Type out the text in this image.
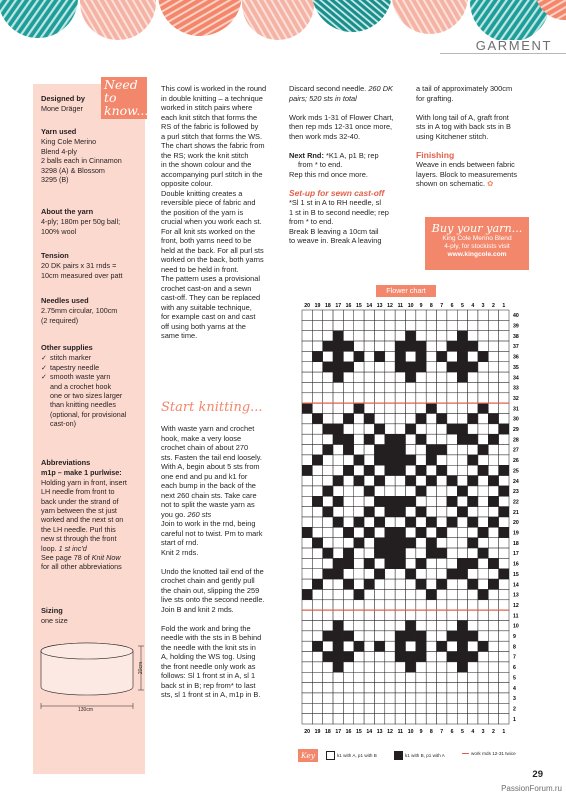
GARMENT
Need to know...
Designed by
Mone Dräger
Yarn used
King Cole Merino
Blend 4-ply
2 balls each in Cinnamon
3298 (A) & Blossom
3295 (B)
About the yarn
4-ply; 180m per 50g ball;
100% wool
Tension
20 DK pairs x 31 rnds =
10cm measured over patt
Needles used
2.75mm circular, 100cm
(2 required)
Other supplies
✓ stitch marker
✓ tapestry needle
✓ smooth waste yarn
and a crochet hook
one or two sizes larger
than knitting needles
(optional, for provisional
cast-on)
Abbreviations
m1p – make 1 purlwise:
Holding yarn in front, insert
LH needle from front to
back under the strand of
yarn between the st just
worked and the next st on
the LH needle. Purl this
new st through the front
loop. 1 st inc'd
See page 78 of Knit Now
for all other abbreviations
Sizing
one size
20cm
130cm

This cowl is worked in the round

in double knitting – a technique

worked in stitch pairs where

each knit stitch that forms the

RS of the fabric is followed by

a purl stitch that forms the WS.

The chart shows the fabric from

the RS; work the knit stitch

in the shown colour and the

accompanying purl stitch in the

opposite colour.

Double knitting creates a

reversible piece of fabric and

the position of the yarn is

crucial when you work each st.

For all knit sts worked on the

front, both yarns need to be

held at the back. For all purl sts

worked on the back, both yarns

need to be held in front.

The pattern uses a provisional

crochet cast-on and a sewn

cast-off. They can be replaced

with any suitable technique,

for example cast on and cast

off using both yarns at the

same time.

Start knitting...

With waste yarn and crochet

hook, make a very loose

crochet chain of about 270

sts. Fasten the tail end loosely.

With A, begin about 5 sts from

one end and pu and k1 for

each bump in the back of the

next 260 chain sts. Take care

not to split the waste yarn as

you go. 260 sts

Join to work in the rnd, being

careful not to twist. Pm to mark

start of rnd.

Knit 2 rnds.

Undo the knotted tail end of the

crochet chain and gently pull

the chain out, slipping the 259

live sts onto the second needle.

Join B and knit 2 mds.

Fold the work and bring the

needle with the sts in B behind

the needle with the knit sts in

A, holding the WS tog. Using

the front needle only work as

follows: Sl 1 front st in A, sl 1

back st in B; rep from* to last

sts, sl 1 front st in A, m1p in B.

Discard second needle. 260 DK

pairs; 520 sts in total

Work mds 1-31 of Flower Chart,

then rep mds 12-31 once more,

then work mds 32-40.

Next Rnd: *K1 A, p1 B; rep

from * to end.

Rep this rnd once more.

Set-up for sewn cast-off

*Sl 1 st in A to RH needle, sl

1 st in B to second needle; rep

from * to end.

Break B leaving a 10cm tail

to weave in. Break A leaving

a tail of approximately 300cm

for grafting.

With long tail of A, graft front

sts in A tog with back sts in B

using Kitchener stitch.

Finishing

Weave in ends between fabric

layers. Block to measurements

shown on schematic. ✿

Buy your yarn...
King Cole Merino Blend
4-ply, for stockists visit
www.kingcole.com
Flower chart
20
20
19
19
18
18
17
17
16
16
15
15
14
14
13
13
12
12
11
11
10
10
9
9
8
8
7
7
6
6
5
5
4
4
3
3
2
2
1
1
40
39
38
37
36
35
34
33
32
31
30
29
28
27
26
25
24
23
22
21
20
19
18
17
16
15
14
13
12
11
10
9
8
7
6
5
4
3
2
1
Key	k1 with A, p1 with B	k1 with B, p1 with A	work rnds 12-31 twice
29
PassionForum.ru
